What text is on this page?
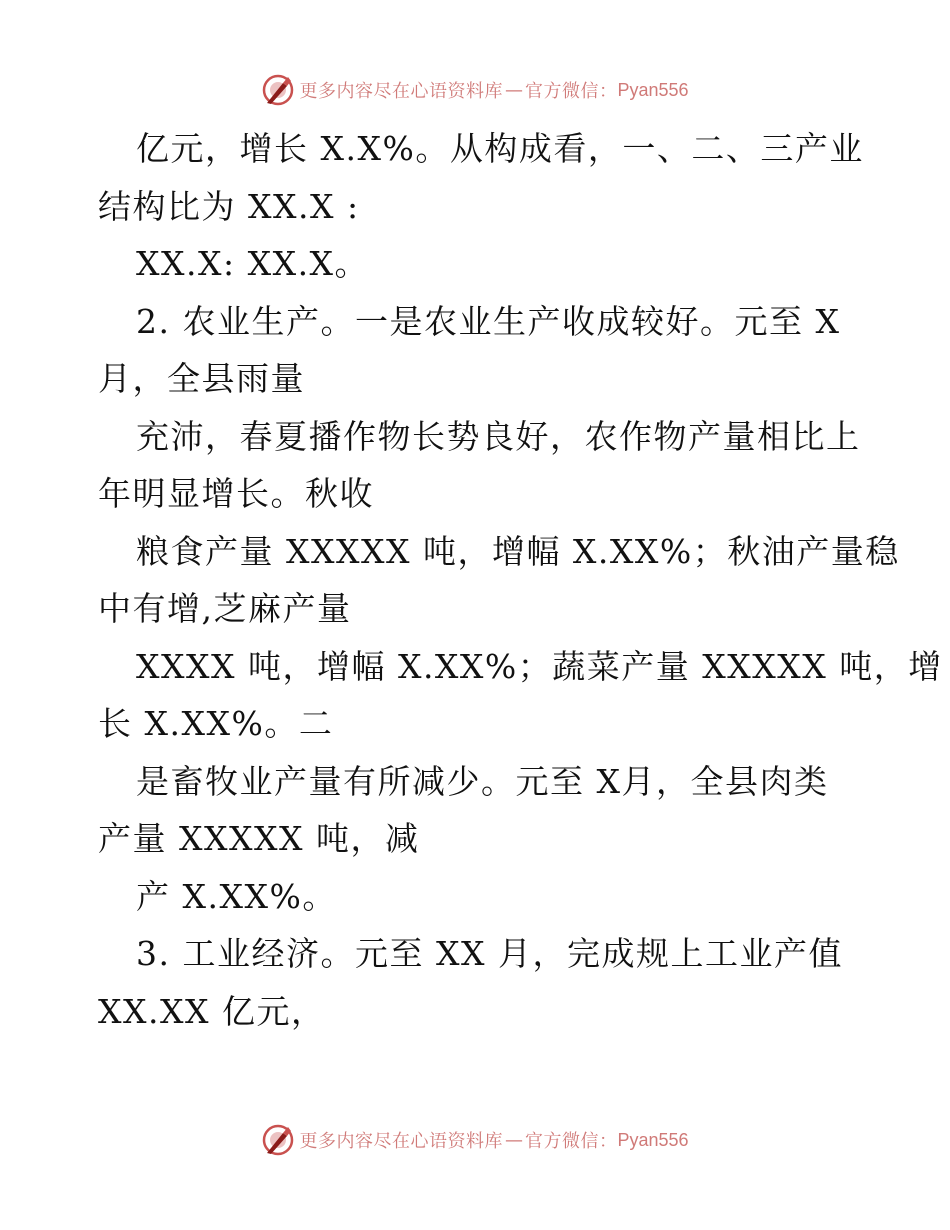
更多内容尽在心语资料库 — 官方微信： Pyan556
亿元，增长 X.X%。从构成看，一、二、三产业
结构比为 XX.X :
XX.X: XX.X。
2. 农业生产。一是农业生产收成较好。元至 X
月，全县雨量
充沛，春夏播作物长势良好，农作物产量相比上
年明显增长。秋收
粮食产量 XXXXX 吨，增幅 X.XX%；秋油产量稳
中有增,芝麻产量
XXXX 吨，增幅 X.XX%；蔬菜产量 XXXXX 吨，增
长 X.XX%。二
是畜牧业产量有所减少。元至 X月，全县肉类
产量 XXXXX 吨，减
产 X.XX%。
3. 工业经济。元至 XX 月，完成规上工业产值
XX.XX 亿元，
更多内容尽在心语资料库 — 官方微信： Pyan556
